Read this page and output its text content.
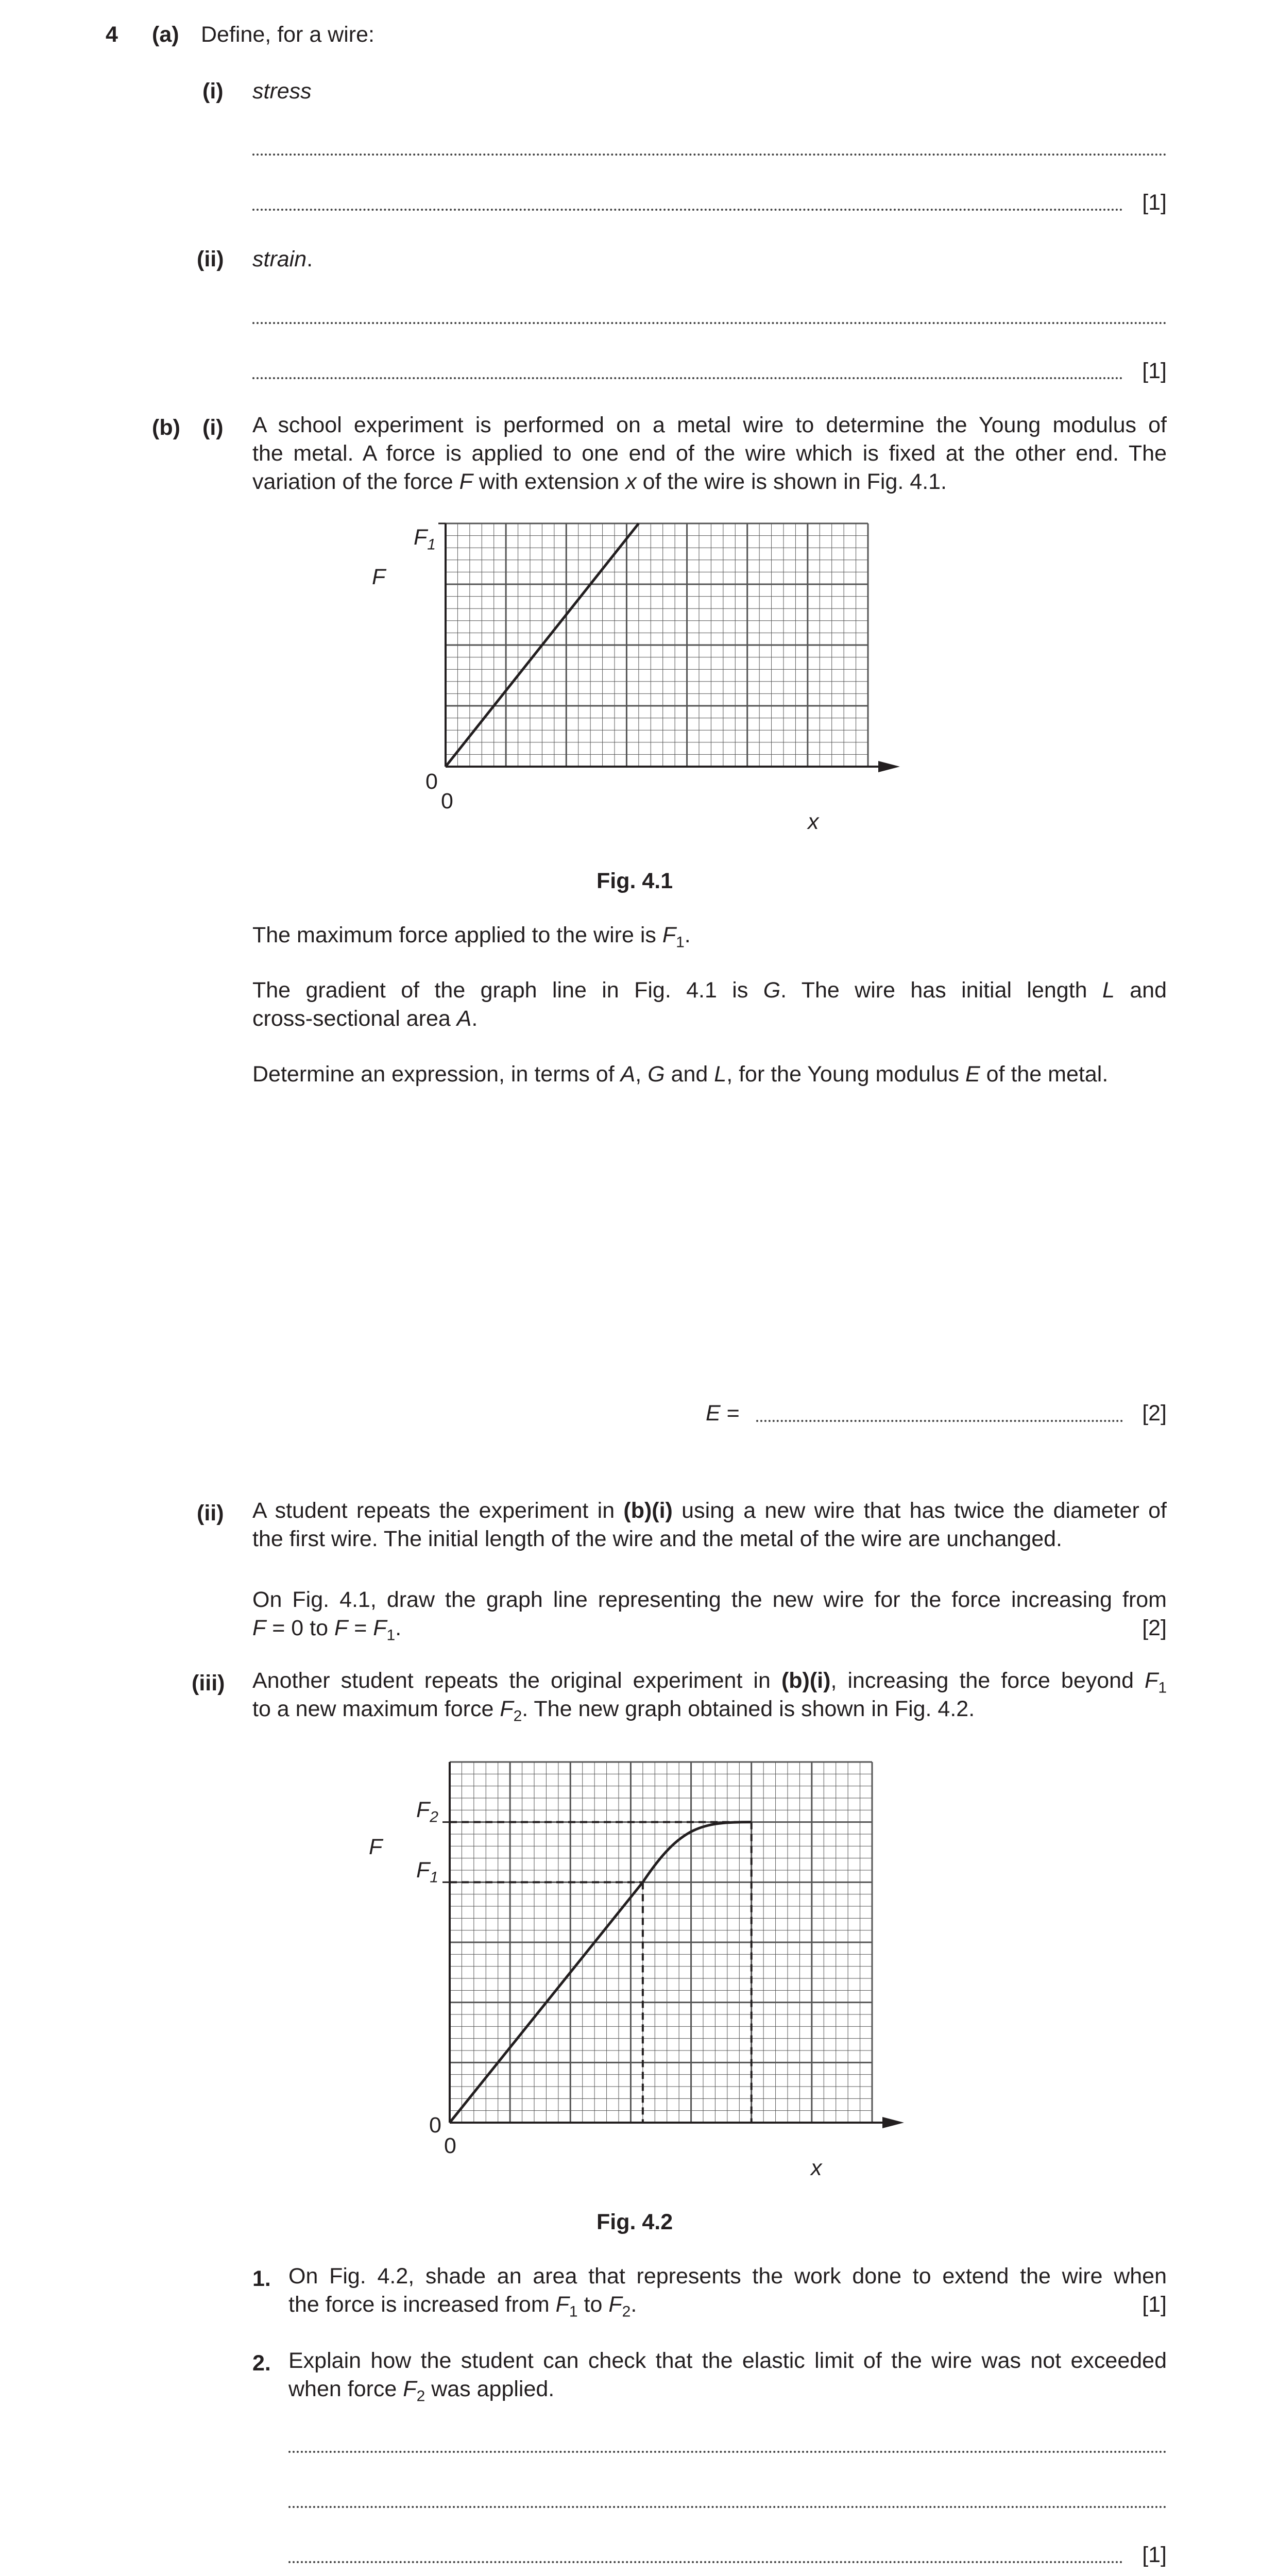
4 (a) Define, for a wire:
(i) stress
[1]
(ii) strain.
[1]
(b) (i) A school experiment is performed on a metal wire to determine the Young modulus of
the metal. A force is applied to one end of the wire which is fixed at the other end. The
variation of the force F with extension x of the wire is shown in Fig. 4.1.
$F_1$
F
0
0
x
Fig. 4.1
The maximum force applied to the wire is $F_1$.
The gradient of the graph line in Fig. 4.1 is G. The wire has initial length L and
cross-sectional area A.
Determine an expression, in terms of A, G and L, for the Young modulus E of the metal.
E =	[2]
(ii) A student repeats the experiment in (b)(i) using a new wire that has twice the diameter of
the first wire. The initial length of the wire and the metal of the wire are unchanged.
On Fig. 4.1, draw the graph line representing the new wire for the force increasing from
F = 0 to $F = F_1$.	[2]
(iii) Another student repeats the original experiment in (b)(i), increasing the force beyond $F_1$
to a new maximum force $F_2$. The new graph obtained is shown in Fig. 4.2.
$F_2$
$F_1$
F
0
0
x
Fig. 4.2
1. On Fig. 4.2, shade an area that represents the work done to extend the wire when
the force is increased from $F_1$ to $F_2$.	[1]
2. Explain how the student can check that the elastic limit of the wire was not exceeded
when force $F_2$ was applied.
[1]
